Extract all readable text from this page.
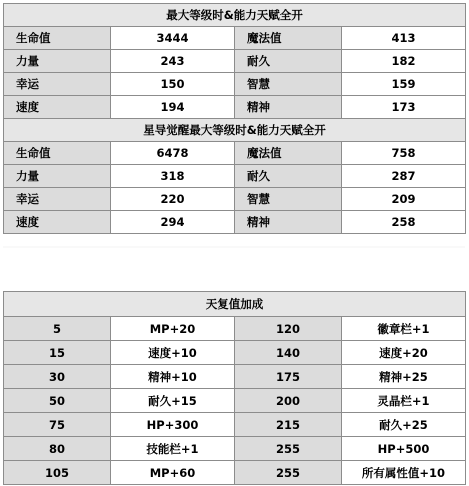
最大等级时&能力天赋全开			
生命值	3444	魔法值	413
力量	243	耐久	182
幸运	150	智慧	159
速度	194	精神	173
星导觉醒最大等级时&能力天赋全开			
生命值	6478	魔法值	758
力量	318	耐久	287
幸运	220	智慧	209
速度	294	精神	258
天复值加成			
5	MP+20	120	徽章栏+1
15	速度+10	140	速度+20
30	精神+10	175	精神+25
50	耐久+15	200	灵晶栏+1
75	HP+300	215	耐久+25
80	技能栏+1	255	HP+500
105	MP+60	255	所有属性值+10
